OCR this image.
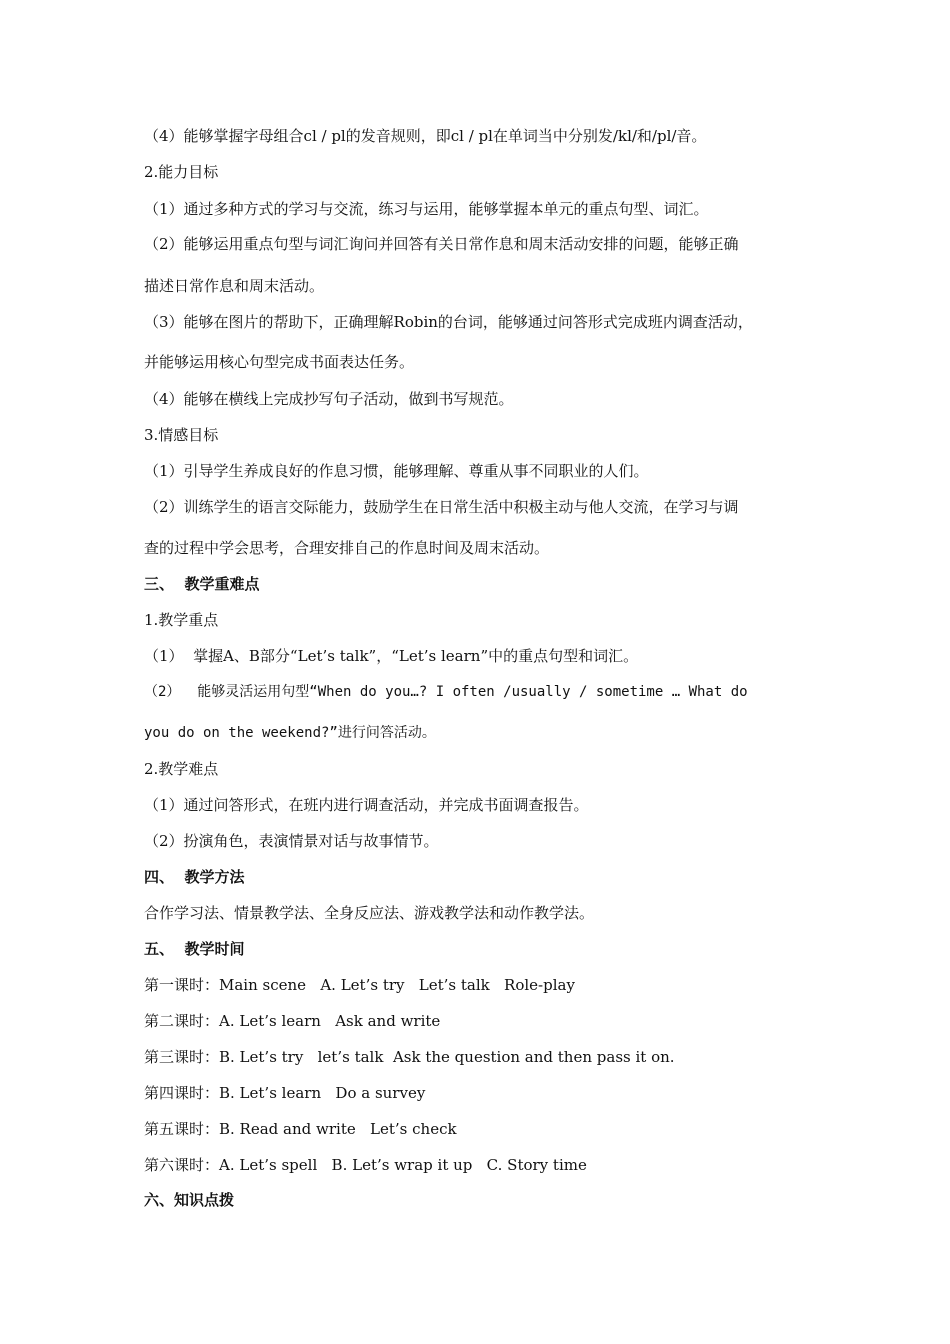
（4）能够掌握字母组合cl / pl的发音规则，即cl / pl在单词当中分别发/kl/和/pl/音。
2.能力目标
（1）通过多种方式的学习与交流，练习与运用，能够掌握本单元的重点句型、词汇。
（2）能够运用重点句型与词汇询问并回答有关日常作息和周末活动安排的问题，能够正确
描述日常作息和周末活动。
（3）能够在图片的帮助下，正确理解Robin的台词，能够通过问答形式完成班内调查活动，
并能够运用核心句型完成书面表达任务。
（4）能够在横线上完成抄写句子活动，做到书写规范。
3.情感目标
（1）引导学生养成良好的作息习惯，能够理解、尊重从事不同职业的人们。
（2）训练学生的语言交际能力，鼓励学生在日常生活中积极主动与他人交流，在学习与调
查的过程中学会思考，合理安排自己的作息时间及周末活动。
三、  教学重难点
1.教学重点
（1）  掌握A、B部分“Let’s talk”，“Let’s learn”中的重点句型和词汇。
（2）  能够灵活运用句型“When do you…? I often /usually / sometime … What do
you do on the weekend?”进行问答活动。
2.教学难点
（1）通过问答形式，在班内进行调查活动，并完成书面调查报告。
（2）扮演角色，表演情景对话与故事情节。
四、  教学方法
合作学习法、情景教学法、全身反应法、游戏教学法和动作教学法。
五、  教学时间
第一课时：Main scene   A. Let’s try   Let’s talk   Role-play
第二课时：A. Let’s learn   Ask and write
第三课时：B. Let’s try   let’s talk  Ask the question and then pass it on.
第四课时：B. Let’s learn   Do a survey
第五课时：B. Read and write   Let’s check
第六课时：A. Let’s spell   B. Let’s wrap it up   C. Story time
六、知识点拨
